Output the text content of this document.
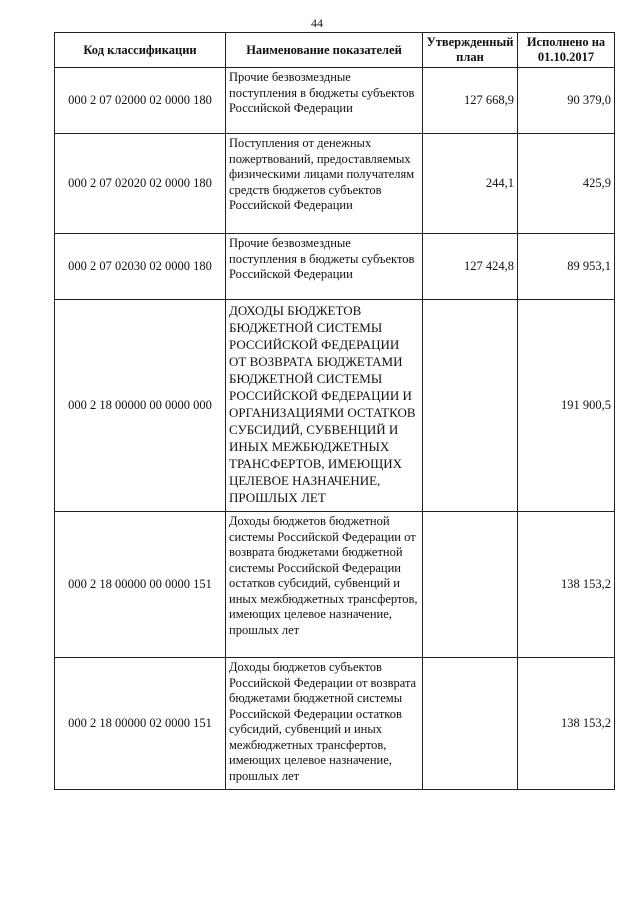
44
Код классификации	Наименование показателей	Утвержденный план	Исполнено на 01.10.2017
000 2 07 02000 02 0000 180	Прочие безвозмездные поступления в бюджеты субъектов Российской Федерации	127 668,9	90 379,0
000 2 07 02020 02 0000 180	Поступления от денежных пожертвований, предоставляемых физическими лицами получателям средств бюджетов субъектов Российской Федерации	244,1	425,9
000 2 07 02030 02 0000 180	Прочие безвозмездные поступления в бюджеты субъектов Российской Федерации	127 424,8	89 953,1
000 2 18 00000 00 0000 000	ДОХОДЫ БЮДЖЕТОВ БЮДЖЕТНОЙ СИСТЕМЫ РОССИЙСКОЙ ФЕДЕРАЦИИ ОТ ВОЗВРАТА БЮДЖЕТАМИ БЮДЖЕТНОЙ СИСТЕМЫ РОССИЙСКОЙ ФЕДЕРАЦИИ И ОРГАНИЗАЦИЯМИ ОСТАТКОВ СУБСИДИЙ, СУБВЕНЦИЙ И ИНЫХ МЕЖБЮДЖЕТНЫХ ТРАНСФЕРТОВ, ИМЕЮЩИХ ЦЕЛЕВОЕ НАЗНАЧЕНИЕ, ПРОШЛЫХ ЛЕТ		191 900,5
000 2 18 00000 00 0000 151	Доходы бюджетов бюджетной системы Российской Федерации от возврата бюджетами бюджетной системы Российской Федерации остатков субсидий, субвенций и иных межбюджетных трансфертов, имеющих целевое назначение, прошлых лет		138 153,2
000 2 18 00000 02 0000 151	Доходы бюджетов субъектов Российской Федерации от возврата бюджетами бюджетной системы Российской Федерации остатков субсидий, субвенций и иных межбюджетных трансфертов, имеющих целевое назначение, прошлых лет		138 153,2
